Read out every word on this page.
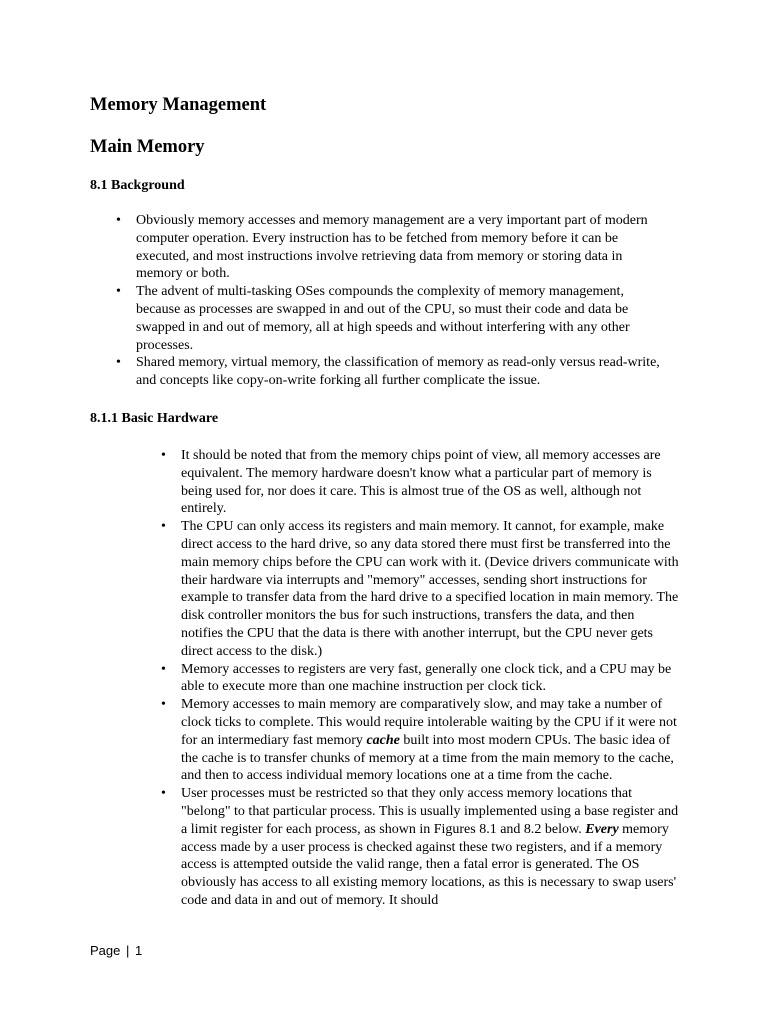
Memory Management
Main Memory
8.1 Background
• Obviously memory accesses and memory management are a very important part of modern computer operation. Every instruction has to be fetched from memory before it can be executed, and most instructions involve retrieving data from memory or storing data in memory or both.
• The advent of multi-tasking OSes compounds the complexity of memory management, because as processes are swapped in and out of the CPU, so must their code and data be swapped in and out of memory, all at high speeds and without interfering with any other processes.
• Shared memory, virtual memory, the classification of memory as read-only versus read-write, and concepts like copy-on-write forking all further complicate the issue.
8.1.1 Basic Hardware
• It should be noted that from the memory chips point of view, all memory accesses are equivalent. The memory hardware doesn't know what a particular part of memory is being used for, nor does it care. This is almost true of the OS as well, although not entirely.
• The CPU can only access its registers and main memory. It cannot, for example, make direct access to the hard drive, so any data stored there must first be transferred into the main memory chips before the CPU can work with it. (Device drivers communicate with their hardware via interrupts and "memory" accesses, sending short instructions for example to transfer data from the hard drive to a specified location in main memory. The disk controller monitors the bus for such instructions, transfers the data, and then notifies the CPU that the data is there with another interrupt, but the CPU never gets direct access to the disk.)
• Memory accesses to registers are very fast, generally one clock tick, and a CPU may be able to execute more than one machine instruction per clock tick.
• Memory accesses to main memory are comparatively slow, and may take a number of clock ticks to complete. This would require intolerable waiting by the CPU if it were not for an intermediary fast memory cache built into most modern CPUs. The basic idea of the cache is to transfer chunks of memory at a time from the main memory to the cache, and then to access individual memory locations one at a time from the cache.
• User processes must be restricted so that they only access memory locations that "belong" to that particular process. This is usually implemented using a base register and a limit register for each process, as shown in Figures 8.1 and 8.2 below. Every memory access made by a user process is checked against these two registers, and if a memory access is attempted outside the valid range, then a fatal error is generated. The OS obviously has access to all existing memory locations, as this is necessary to swap users' code and data in and out of memory. It should
Page | 1
